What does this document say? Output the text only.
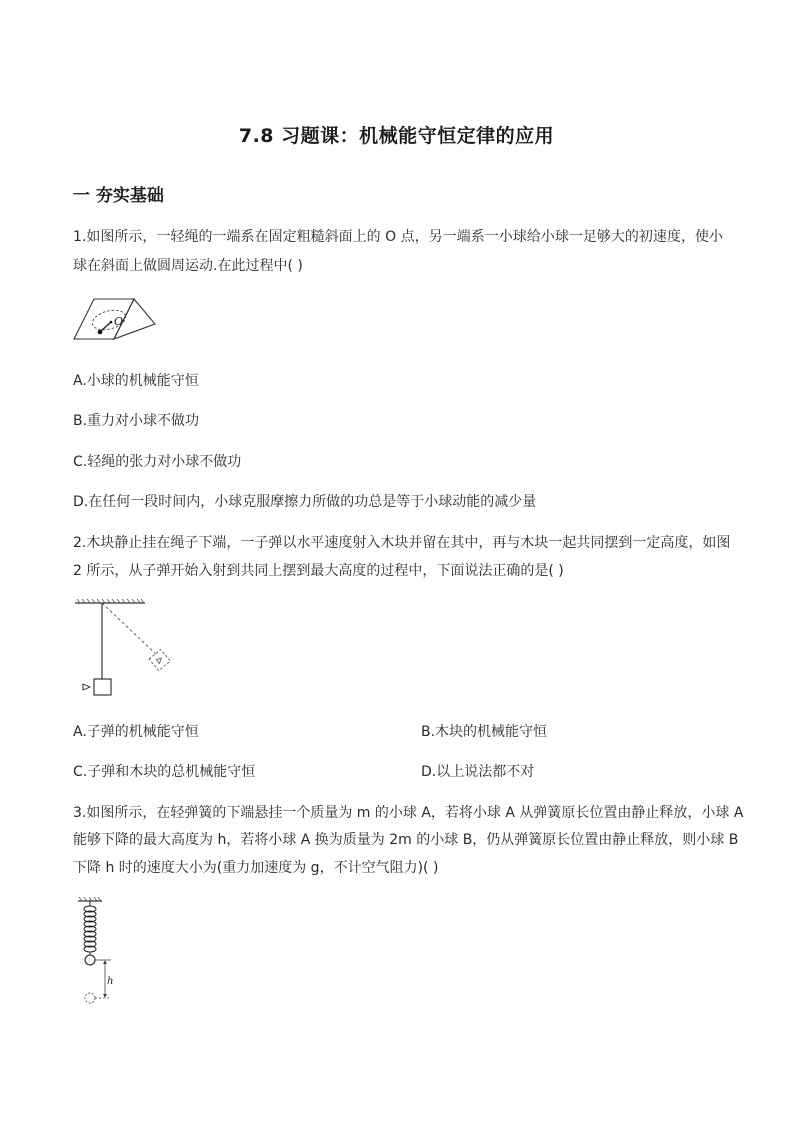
7.8 习题课：机械能守恒定律的应用
一 夯实基础
1.如图所示，一轻绳的一端系在固定粗糙斜面上的 O 点，另一端系一小球给小球一足够大的初速度，使小
球在斜面上做圆周运动.在此过程中( )
O
A.小球的机械能守恒
B.重力对小球不做功
C.轻绳的张力对小球不做功
D.在任何一段时间内，小球克服摩擦力所做的功总是等于小球动能的减少量
2.木块静止挂在绳子下端，一子弹以水平速度射入木块并留在其中，再与木块一起共同摆到一定高度，如图
2 所示，从子弹开始入射到共同上摆到最大高度的过程中，下面说法正确的是( )
A.子弹的机械能守恒	B.木块的机械能守恒
C.子弹和木块的总机械能守恒	D.以上说法都不对
3.如图所示，在轻弹簧的下端悬挂一个质量为 m 的小球 A，若将小球 A 从弹簧原长位置由静止释放，小球 A
能够下降的最大高度为 h，若将小球 A 换为质量为 2m 的小球 B，仍从弹簧原长位置由静止释放，则小球 B
下降 h 时的速度大小为(重力加速度为 g，不计空气阻力)( )
h
